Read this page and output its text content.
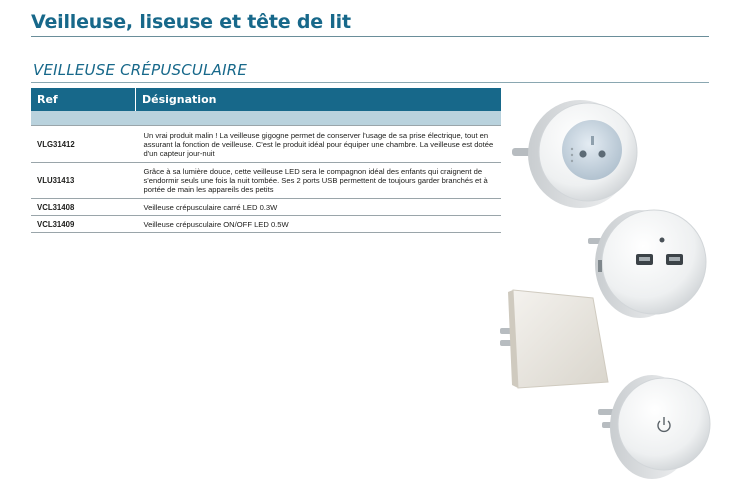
Veilleuse, liseuse et tête de lit
VEILLEUSE CRÉPUSCULAIRE
Ref	Désignation

VLG31412	Un vrai produit malin ! La veilleuse gigogne permet de conserver l'usage de sa prise électrique, tout en assurant la fonction de veilleuse. C'est le produit idéal pour équiper une chambre. La veilleuse est dotée d'un capteur jour-nuit
VLU31413	Grâce à sa lumière douce, cette veilleuse LED sera le compagnon idéal des enfants qui craignent de s'endormir seuls une fois la nuit tombée. Ses 2 ports USB permettent de toujours garder branchés et à portée de main les appareils des petits
VCL31408	Veilleuse crépusculaire carré LED 0.3W
VCL31409	Veilleuse crépusculaire ON/OFF LED 0.5W
